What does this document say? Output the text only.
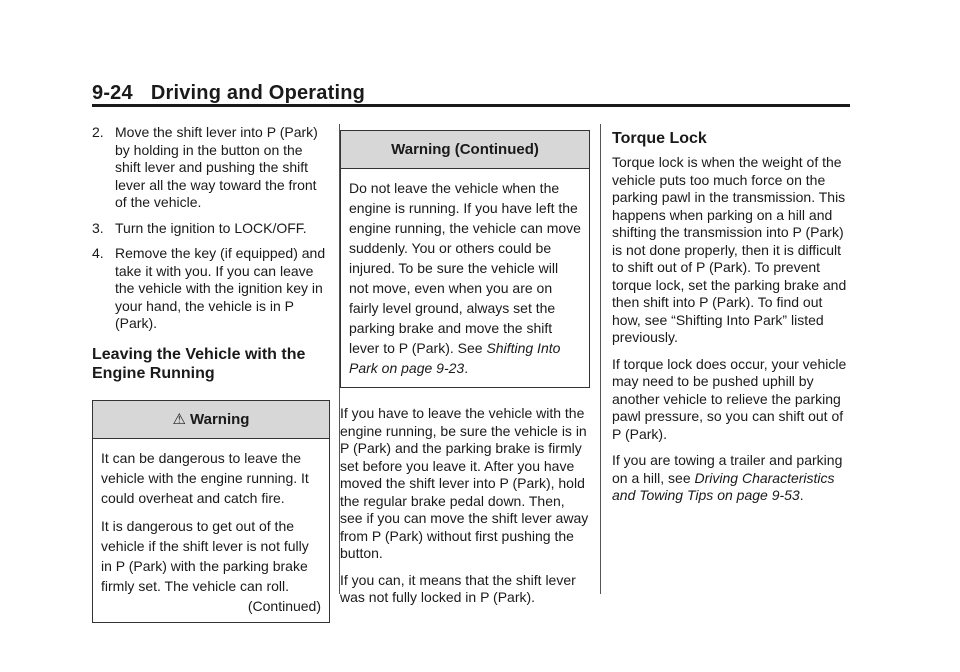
9-24 Driving and Operating
2. Move the shift lever into P (Park) by holding in the button on the shift lever and pushing the shift lever all the way toward the front of the vehicle.
3. Turn the ignition to LOCK/OFF.
4. Remove the key (if equipped) and take it with you. If you can leave the vehicle with the ignition key in your hand, the vehicle is in P (Park).
Leaving the Vehicle with the Engine Running
⚠︎ Warning

It can be dangerous to leave the vehicle with the engine running. It could overheat and catch fire.

It is dangerous to get out of the vehicle if the shift lever is not fully in P (Park) with the parking brake firmly set. The vehicle can roll.

(Continued)
Warning (Continued)
Do not leave the vehicle when the engine is running. If you have left the engine running, the vehicle can move suddenly. You or others could be injured. To be sure the vehicle will not move, even when you are on fairly level ground, always set the parking brake and move the shift lever to P (Park). See Shifting Into Park on page 9-23.

If you have to leave the vehicle with the engine running, be sure the vehicle is in P (Park) and the parking brake is firmly set before you leave it. After you have moved the shift lever into P (Park), hold the regular brake pedal down. Then, see if you can move the shift lever away from P (Park) without first pushing the button.

If you can, it means that the shift lever was not fully locked in P (Park).

Torque Lock

Torque lock is when the weight of the vehicle puts too much force on the parking pawl in the transmission. This happens when parking on a hill and shifting the transmission into P (Park) is not done properly, then it is difficult to shift out of P (Park). To prevent torque lock, set the parking brake and then shift into P (Park). To find out how, see “Shifting Into Park” listed previously.

If torque lock does occur, your vehicle may need to be pushed uphill by another vehicle to relieve the parking pawl pressure, so you can shift out of P (Park).

If you are towing a trailer and parking on a hill, see Driving Characteristics and Towing Tips on page 9-53.
